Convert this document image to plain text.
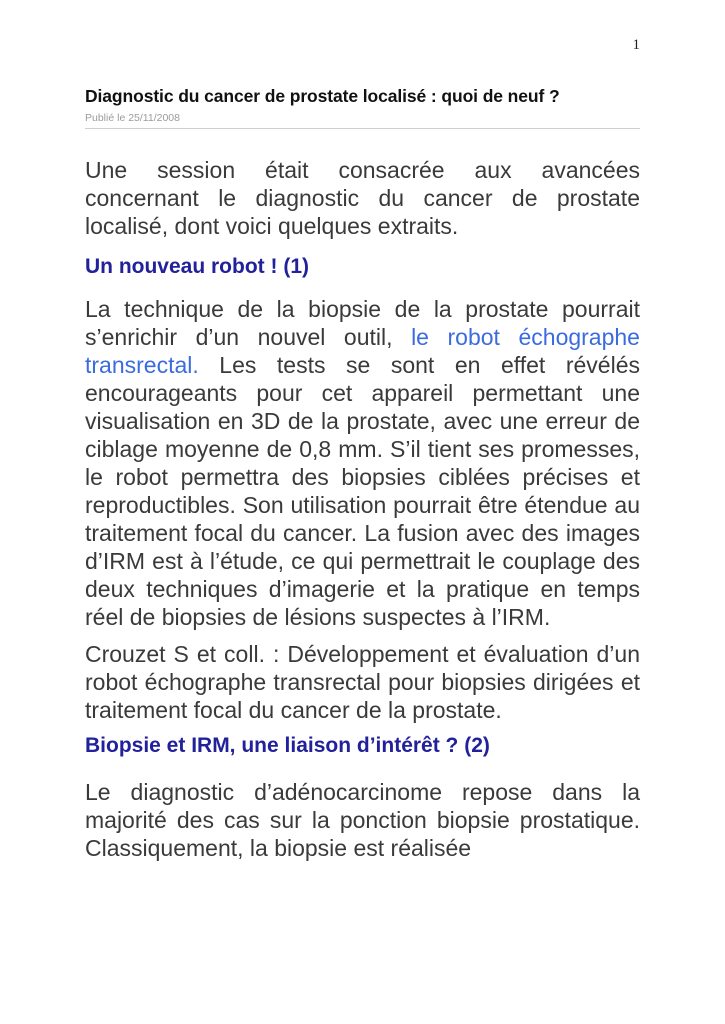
1
Diagnostic du cancer de prostate localisé : quoi de neuf ?
Publié le 25/11/2008

Une session était consacrée aux avancées concernant le diagnostic du cancer de prostate localisé, dont voici quelques extraits.

Un nouveau robot ! (1)

La technique de la biopsie de la prostate pourrait s’enrichir d’un nouvel outil, le robot échographe transrectal. Les tests se sont en effet révélés encourageants pour cet appareil permettant une visualisation en 3D de la prostate, avec une erreur de ciblage moyenne de 0,8 mm. S’il tient ses promesses, le robot permettra des biopsies ciblées précises et reproductibles. Son utilisation pourrait être étendue au traitement focal du cancer. La fusion avec des images d’IRM est à l’étude, ce qui permettrait le couplage des deux techniques d’imagerie et la pratique en temps réel de biopsies de lésions suspectes à l’IRM.

Crouzet S et coll. : Développement et évaluation d’un robot échographe transrectal pour biopsies dirigées et traitement focal du cancer de la prostate.

Biopsie et IRM, une liaison d’intérêt ? (2)

Le diagnostic d’adénocarcinome repose dans la majorité des cas sur la ponction biopsie prostatique. Classiquement, la biopsie est réalisée
